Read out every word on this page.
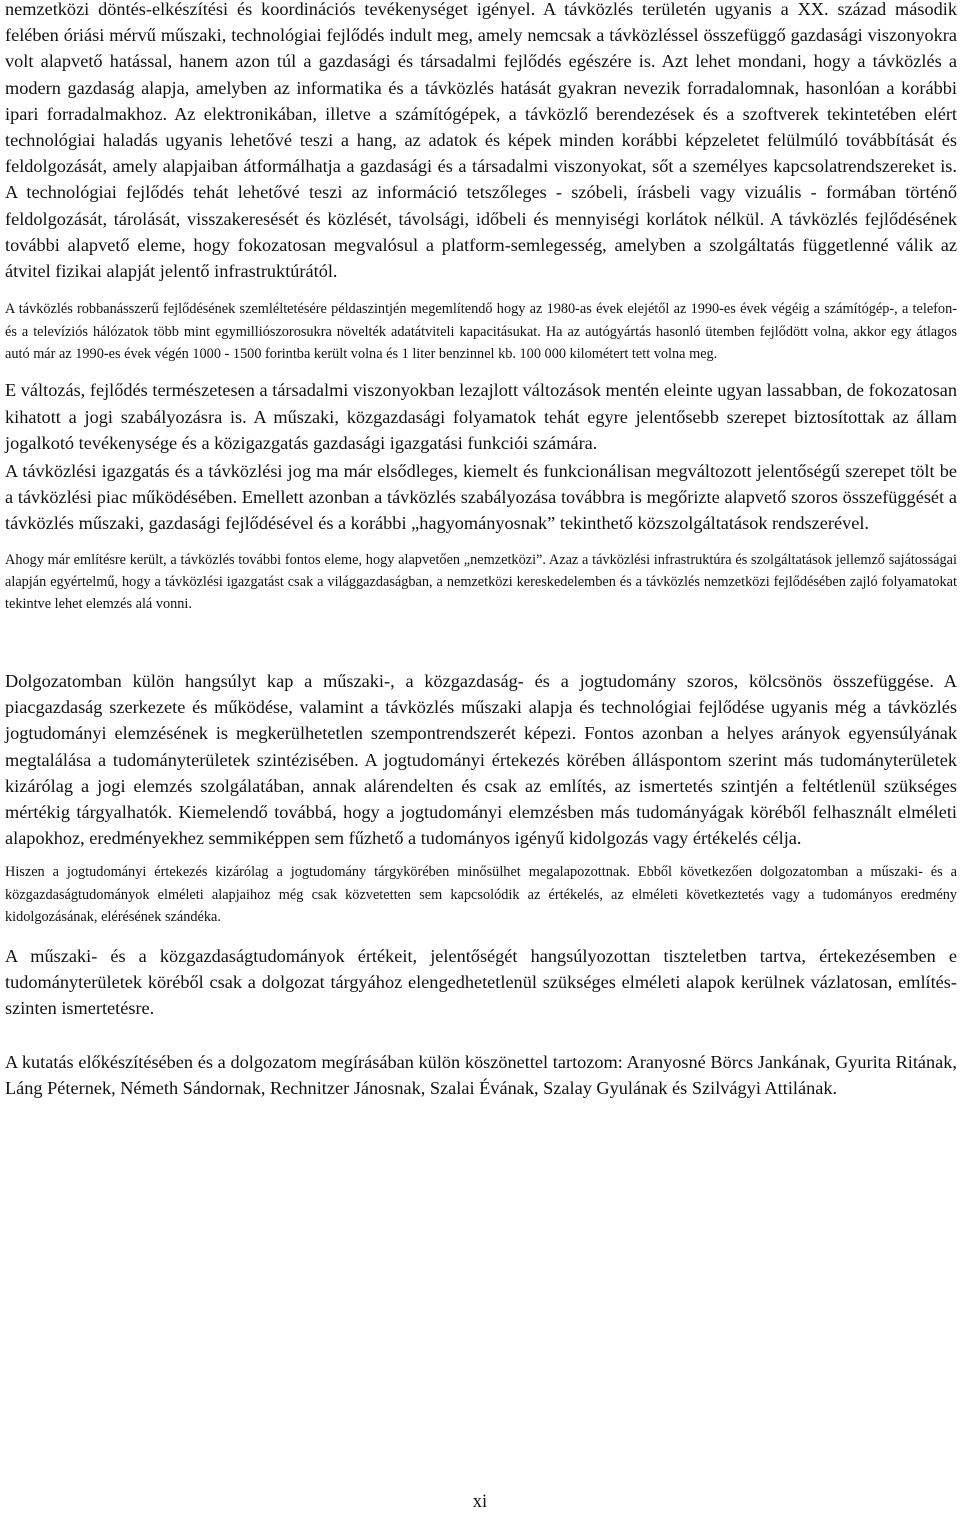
nemzetközi döntés-elkészítési és koordinációs tevékenységet igényel. A távközlés területén ugyanis a XX. század második felében óriási mérvű műszaki, technológiai fejlődés indult meg, amely nemcsak a távközléssel összefüggő gazdasági viszonyokra volt alapvető hatással, hanem azon túl a gazdasági és társadalmi fejlődés egészére is. Azt lehet mondani, hogy a távközlés a modern gazdaság alapja, amelyben az informatika és a távközlés hatását gyakran nevezik forradalomnak, hasonlóan a korábbi ipari forradalmakhoz. Az elektronikában, illetve a számítógépek, a távközlő berendezések és a szoftverek tekintetében elért technológiai haladás ugyanis lehetővé teszi a hang, az adatok és képek minden korábbi képzeletet felülmúló továbbítását és feldolgozását, amely alapjaiban átformálhatja a gazdasági és a társadalmi viszonyokat, sőt a személyes kapcsolatrendszereket is. A technológiai fejlődés tehát lehetővé teszi az információ tetszőleges - szóbeli, írásbeli vagy vizuális - formában történő feldolgozását, tárolását, visszakeresését és közlését, távolsági, időbeli és mennyiségi korlátok nélkül. A távközlés fejlődésének további alapvető eleme, hogy fokozatosan megvalósul a platform-semlegesség, amelyben a szolgáltatás függetlenné válik az átvitel fizikai alapját jelentő infrastruktúrától.

A távközlés robbanásszerű fejlődésének szemléltetésére példaszintjén megemlítendő hogy az 1980-as évek elejétől az 1990-es évek végéig a számítógép-, a telefon- és a televíziós hálózatok több mint egymilliószorosukra növelték adatátviteli kapacitásukat. Ha az autógyártás hasonló ütemben fejlődött volna, akkor egy átlagos autó már az 1990-es évek végén 1000 - 1500 forintba került volna és 1 liter benzinnel kb. 100 000 kilométert tett volna meg.

E változás, fejlődés természetesen a társadalmi viszonyokban lezajlott változások mentén eleinte ugyan lassabban, de fokozatosan kihatott a jogi szabályozásra is. A műszaki, közgazdasági folyamatok tehát egyre jelentősebb szerepet biztosítottak az állam jogalkotó tevékenysége és a közigazgatás gazdasági igazgatási funkciói számára.

A távközlési igazgatás és a távközlési jog ma már elsődleges, kiemelt és funkcionálisan megváltozott jelentőségű szerepet tölt be a távközlési piac működésében. Emellett azonban a távközlés szabályozása továbbra is megőrizte alapvető szoros összefüggését a távközlés műszaki, gazdasági fejlődésével és a korábbi „hagyományosnak” tekinthető közszolgáltatások rendszerével.

Ahogy már említésre került, a távközlés további fontos eleme, hogy alapvetően „nemzetközi”. Azaz a távközlési infrastruktúra és szolgáltatások jellemző sajátosságai alapján egyértelmű, hogy a távközlési igazgatást csak a világgazdaságban, a nemzetközi kereskedelemben és a távközlés nemzetközi fejlődésében zajló folyamatokat tekintve lehet elemzés alá vonni.

Dolgozatomban külön hangsúlyt kap a műszaki-, a közgazdaság- és a jogtudomány szoros, kölcsönös összefüggése. A piacgazdaság szerkezete és működése, valamint a távközlés műszaki alapja és technológiai fejlődése ugyanis még a távközlés jogtudományi elemzésének is megkerülhetetlen szempontrendszerét képezi. Fontos azonban a helyes arányok egyensúlyának megtalálása a tudományterületek szintézisében. A jogtudományi értekezés körében álláspontom szerint más tudományterületek kizárólag a jogi elemzés szolgálatában, annak alárendelten és csak az említés, az ismertetés szintjén a feltétlenül szükséges mértékig tárgyalhatók. Kiemelendő továbbá, hogy a jogtudományi elemzésben más tudományágak köréből felhasznált elméleti alapokhoz, eredményekhez semmiképpen sem fűzhető a tudományos igényű kidolgozás vagy értékelés célja.

Hiszen a jogtudományi értekezés kizárólag a jogtudomány tárgykörében minősülhet megalapozottnak. Ebből következően dolgozatomban a műszaki- és a közgazdaságtudományok elméleti alapjaihoz még csak közvetetten sem kapcsolódik az értékelés, az elméleti következtetés vagy a tudományos eredmény kidolgozásának, elérésének szándéka.

A műszaki- és a közgazdaságtudományok értékeit, jelentőségét hangsúlyozottan tiszteletben tartva, értekezésemben e tudományterületek köréből csak a dolgozat tárgyához elengedhetetlenül szükséges elméleti alapok kerülnek vázlatosan, említés-szinten ismertetésre.

A kutatás előkészítésében és a dolgozatom megírásában külön köszönettel tartozom: Aranyosné Börcs Jankának, Gyurita Ritának, Láng Péternek, Németh Sándornak, Rechnitzer Jánosnak, Szalai Évának, Szalay Gyulának és Szilvágyi Attilának.

xi
